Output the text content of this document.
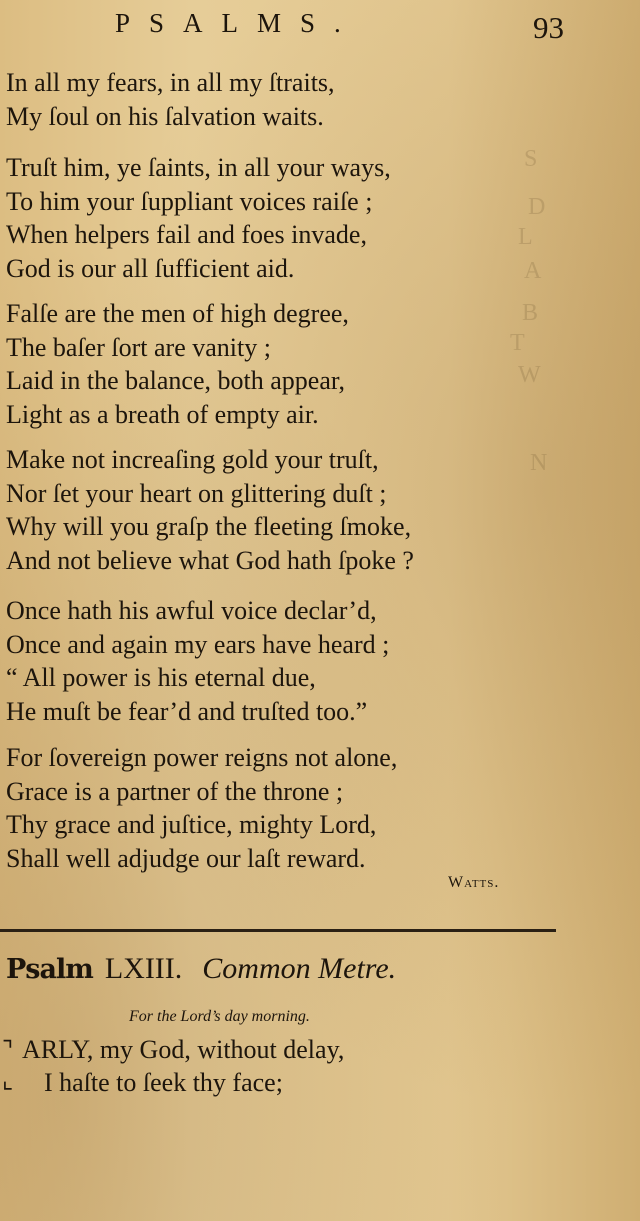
S
D
L
A
B
T
W
N
PSALMS.	93
In all my fears, in all my ſtraits,
My ſoul on his ſalvation waits.
Truſt him, ye ſaints, in all your ways,
To him your ſuppliant voices raiſe ;
When helpers fail and foes invade,
God is our all ſufficient aid.
Falſe are the men of high degree,
The baſer ſort are vanity ;
Laid in the balance, both appear,
Light as a breath of empty air.
Make not increaſing gold your truſt,
Nor ſet your heart on glittering duſt ;
Why will you graſp the fleeting ſmoke,
And not believe what God hath ſpoke ?
Once hath his awful voice declar’d,
Once and again my ears have heard ;
“ All power is his eternal due,
He muſt be fear’d and truſted too.”
For ſovereign power reigns not alone,
Grace is a partner of the throne ;
Thy grace and juſtice, mighty Lord,
Shall well adjudge our laſt reward.
Watts.
Psalm LXIII. Common Metre.
For the Lord’s day morning.
⌝
⌞
ARLY, my God, without delay,
I haſte to ſeek thy face;
